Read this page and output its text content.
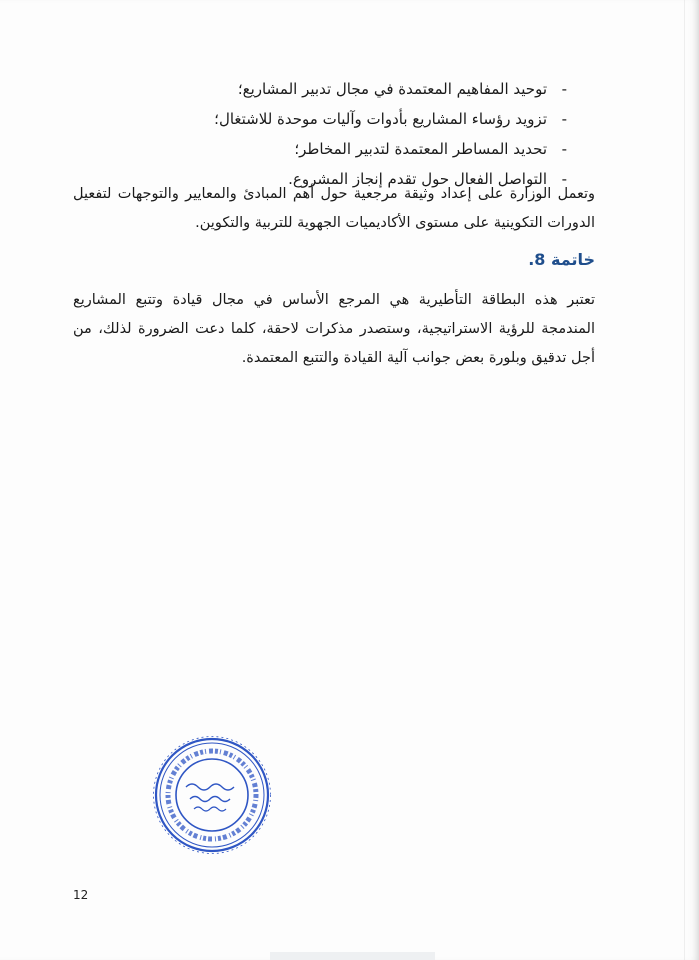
-
توحيد المفاهيم المعتمدة في مجال تدبير المشاريع؛
-
تزويد رؤساء المشاريع بأدوات وآليات موحدة للاشتغال؛
-
تحديد المساطر المعتمدة لتدبير المخاطر؛
-
التواصل الفعال حول تقدم إنجاز المشروع.

وتعمل الوزارة على إعداد وثيقة مرجعية حول أهم المبادئ والمعايير والتوجهات لتفعيل الدورات التكوينية على مستوى الأكاديميات الجهوية للتربية والتكوين.

خاتمة 8.

تعتبر هذه البطاقة التأطيرية هي المرجع الأساس في مجال قيادة وتتبع المشاريع المندمجة للرؤية الاستراتيجية، وستصدر مذكرات لاحقة، كلما دعت الضرورة لذلك، من أجل تدقيق وبلورة بعض جوانب آلية القيادة والتتبع المعتمدة.

12
